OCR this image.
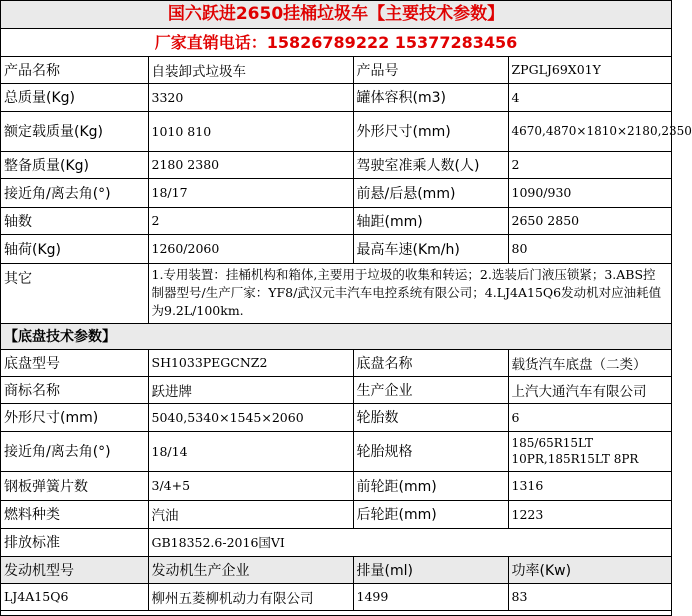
国六跃进2650挂桶垃圾车【主要技术参数】
厂家直销电话：15826789222 15377283456
产品名称	自装卸式垃圾车	产品号	ZPGLJ69X01Y
总质量(Kg)	3320	罐体容积(m3)	4
额定载质量(Kg)	1010 810	外形尺寸(mm)	4670,4870×1810×2180,2350
整备质量(Kg)	2180 2380	驾驶室准乘人数(人)	2
接近角/离去角(°)	18/17	前悬/后悬(mm)	1090/930
轴数	2	轴距(mm)	2650 2850
轴荷(Kg)	1260/2060	最高车速(Km/h)	80
其它	1.专用装置：挂桶机构和箱体,主要用于垃圾的收集和转运；2.选装后门液压锁紧；3.ABS控制器型号/生产厂家：YF8/武汉元丰汽车电控系统有限公司；4.LJ4A15Q6发动机对应油耗值为9.2L/100km.		
【底盘技术参数】			
底盘型号	SH1033PEGCNZ2	底盘名称	载货汽车底盘（二类）
商标名称	跃进牌	生产企业	上汽大通汽车有限公司
外形尺寸(mm)	5040,5340×1545×2060	轮胎数	6
接近角/离去角(°)	18/14	轮胎规格	185/65R15LT 10PR,185R15LT 8PR
钢板弹簧片数	3/4+5	前轮距(mm)	1316
燃料种类	汽油	后轮距(mm)	1223
排放标准	GB18352.6-2016国VI		
发动机型号	发动机生产企业	排量(ml)	功率(Kw)
LJ4A15Q6	柳州五菱柳机动力有限公司	1499	83
